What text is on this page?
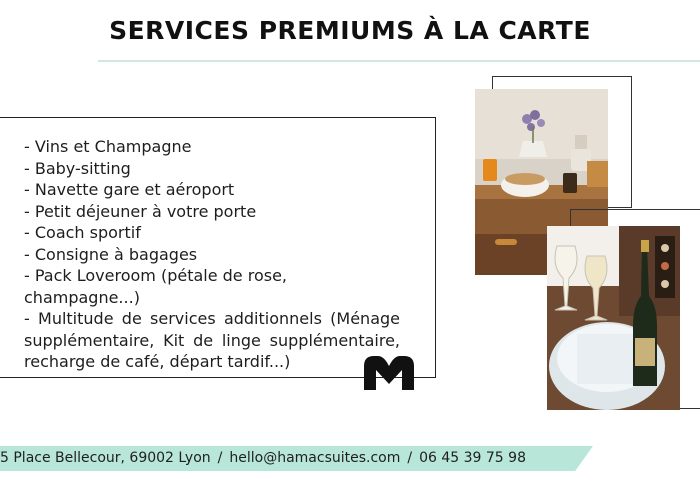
SERVICES PREMIUMS À LA CARTE
- Vins et Champagne
- Baby-sitting
- Navette gare et aéroport
- Petit déjeuner à votre porte
- Coach sportif
- Consigne à bagages
- Pack Loveroom (pétale de rose, champagne...)
- Multitude de services additionnels (Ménage supplémentaire, Kit de linge supplémentaire, recharge de café, départ tardif...)
5 Place Bellecour, 69002 Lyon / hello@hamacsuites.com / 06 45 39 75 98
